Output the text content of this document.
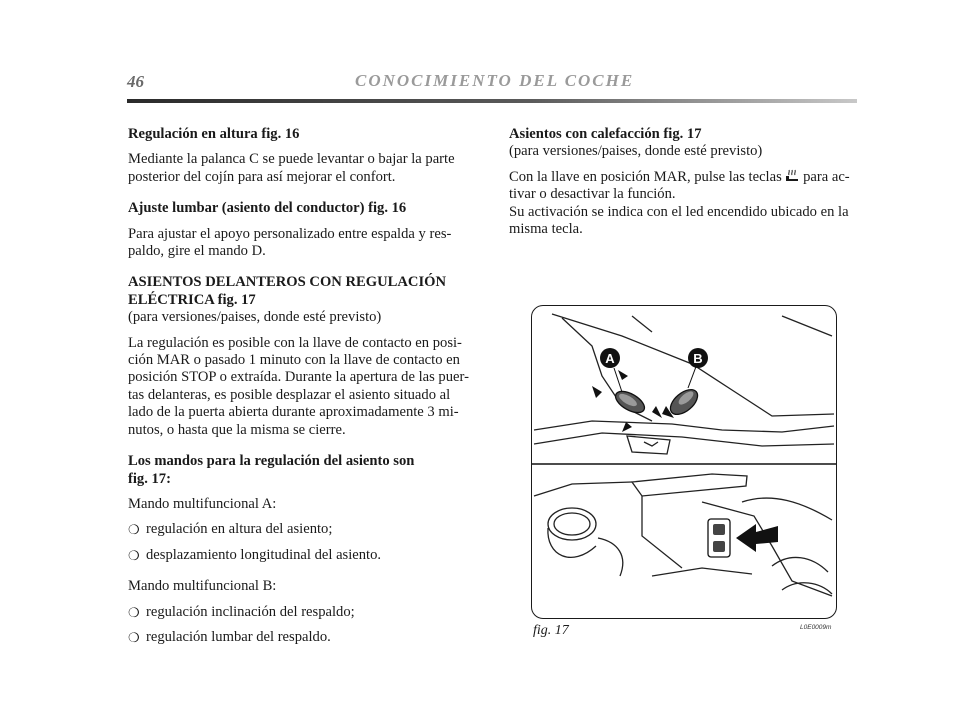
46	CONOCIMIENTO DEL COCHE

Regulación en altura fig. 16

Mediante la palanca C se puede levantar o bajar la parte

posterior del cojín para así mejorar el confort.

Ajuste lumbar (asiento del conductor) fig. 16

Para ajustar el apoyo personalizado entre espalda y res-

paldo, gire el mando D.

ASIENTOS DELANTEROS CON REGULACIÓN

ELÉCTRICA fig. 17

(para versiones/paises, donde esté previsto)

La regulación es posible con la llave de contacto en posi-

ción MAR o pasado 1 minuto con la llave de contacto en

posición STOP o extraída. Durante la apertura de las puer-

tas delanteras, es posible desplazar el asiento situado al

lado de la puerta abierta durante aproximadamente 3 mi-

nutos, o hasta que la misma se cierre.

Los mandos para la regulación del asiento son

fig. 17:

Mando multifuncional A:

❍ regulación en altura del asiento;
❍ desplazamiento longitudinal del asiento.

Mando multifuncional B:

❍ regulación inclinación del respaldo;
❍ regulación lumbar del respaldo.

Asientos con calefacción fig. 17

(para versiones/paises, donde esté previsto)

Con la llave en posición MAR, pulse las teclas para ac-

tivar o desactivar la función.

Su activación se indica con el led encendido ubicado en la

misma tecla.

A	B
fig. 17	L0E0009m
